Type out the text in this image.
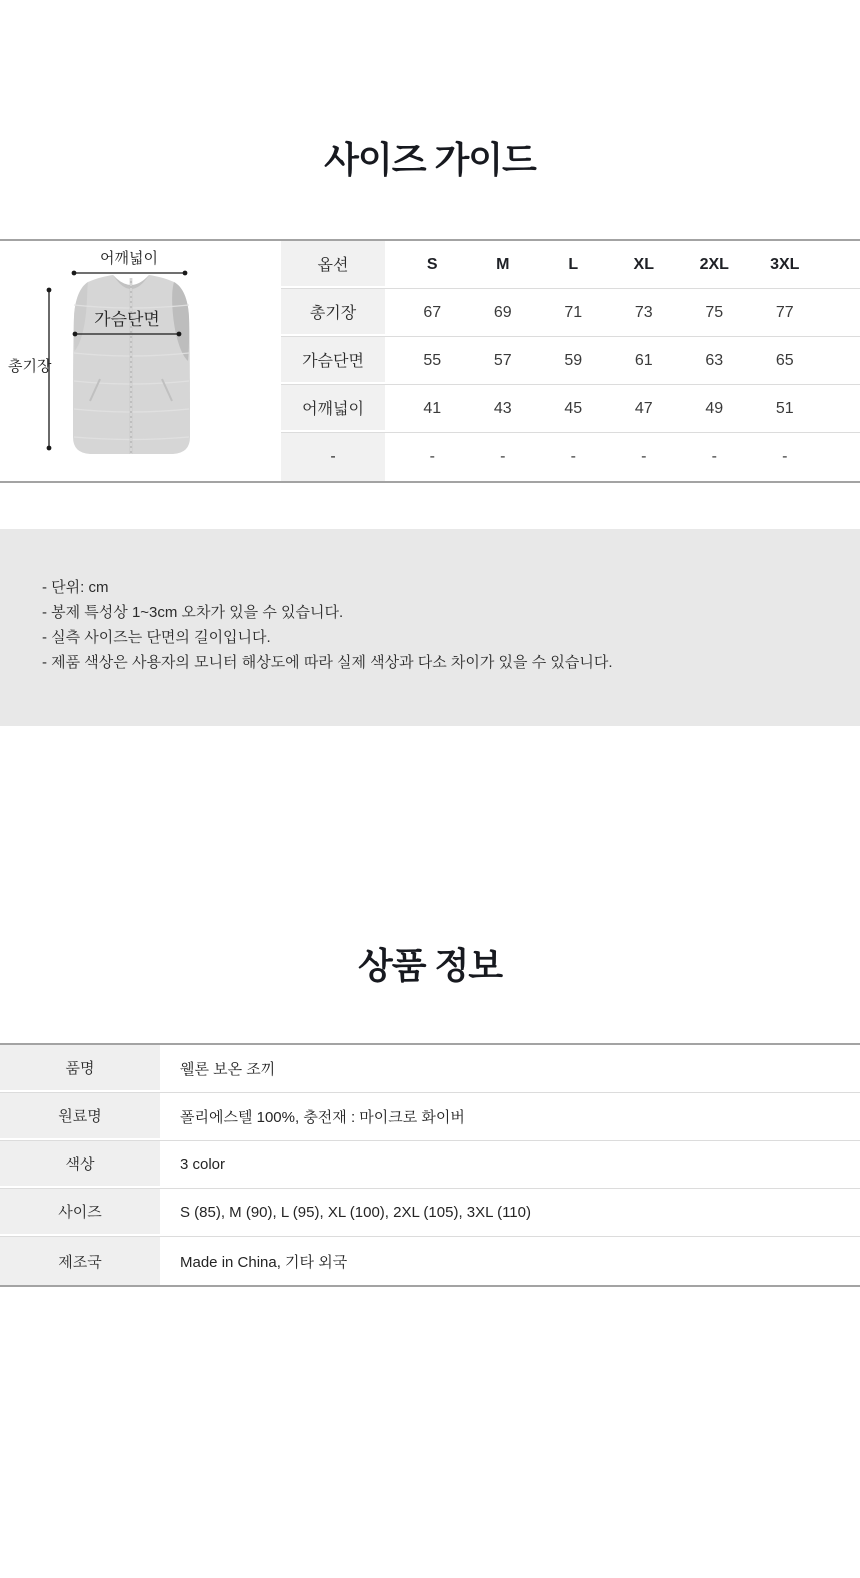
사이즈 가이드
어깨넓이
가슴단면
총기장
옵션	S	M	L	XL	2XL	3XL
총기장	67	69	71	73	75	77
가슴단면	55	57	59	61	63	65
어깨넓이	41	43	45	47	49	51
-	-	-	-	-	-	-

- 단위: cm

- 봉제 특성상 1~3cm 오차가 있을 수 있습니다.

- 실측 사이즈는 단면의 길이입니다.

- 제품 색상은 사용자의 모니터 해상도에 따라 실제 색상과 다소 차이가 있을 수 있습니다.

상품 정보
품명	웰론 보온 조끼
원료명	폴리에스텔 100%, 충전재 : 마이크로 화이버
색상	3 color
사이즈	S (85), M (90), L (95), XL (100), 2XL (105), 3XL (110)
제조국	Made in China, 기타 외국
